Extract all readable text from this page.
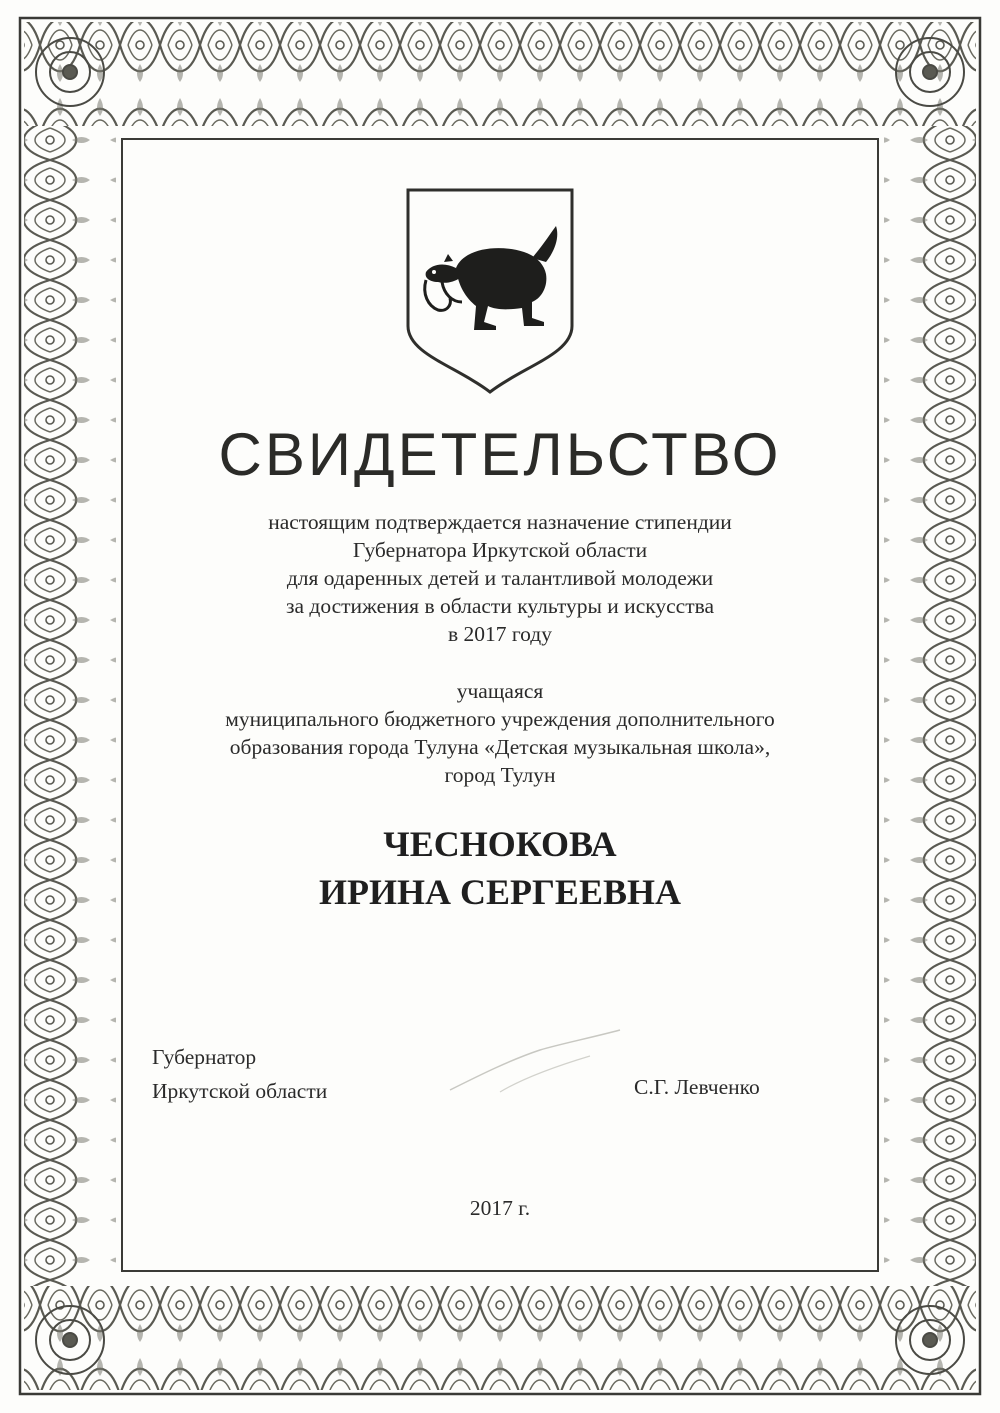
СВИДЕТЕЛЬСТВО
настоящим подтверждается назначение стипендии
Губернатора Иркутской области
для одаренных детей и талантливой молодежи
за достижения в области культуры и искусства
в 2017 году
учащаяся
муниципального бюджетного учреждения дополнительного
образования города Тулуна «Детская музыкальная школа»,
город Тулун
ЧЕСНОКОВА
ИРИНА СЕРГЕЕВНА
Губернатор
Иркутской области	С.Г. Левченко
2017 г.
